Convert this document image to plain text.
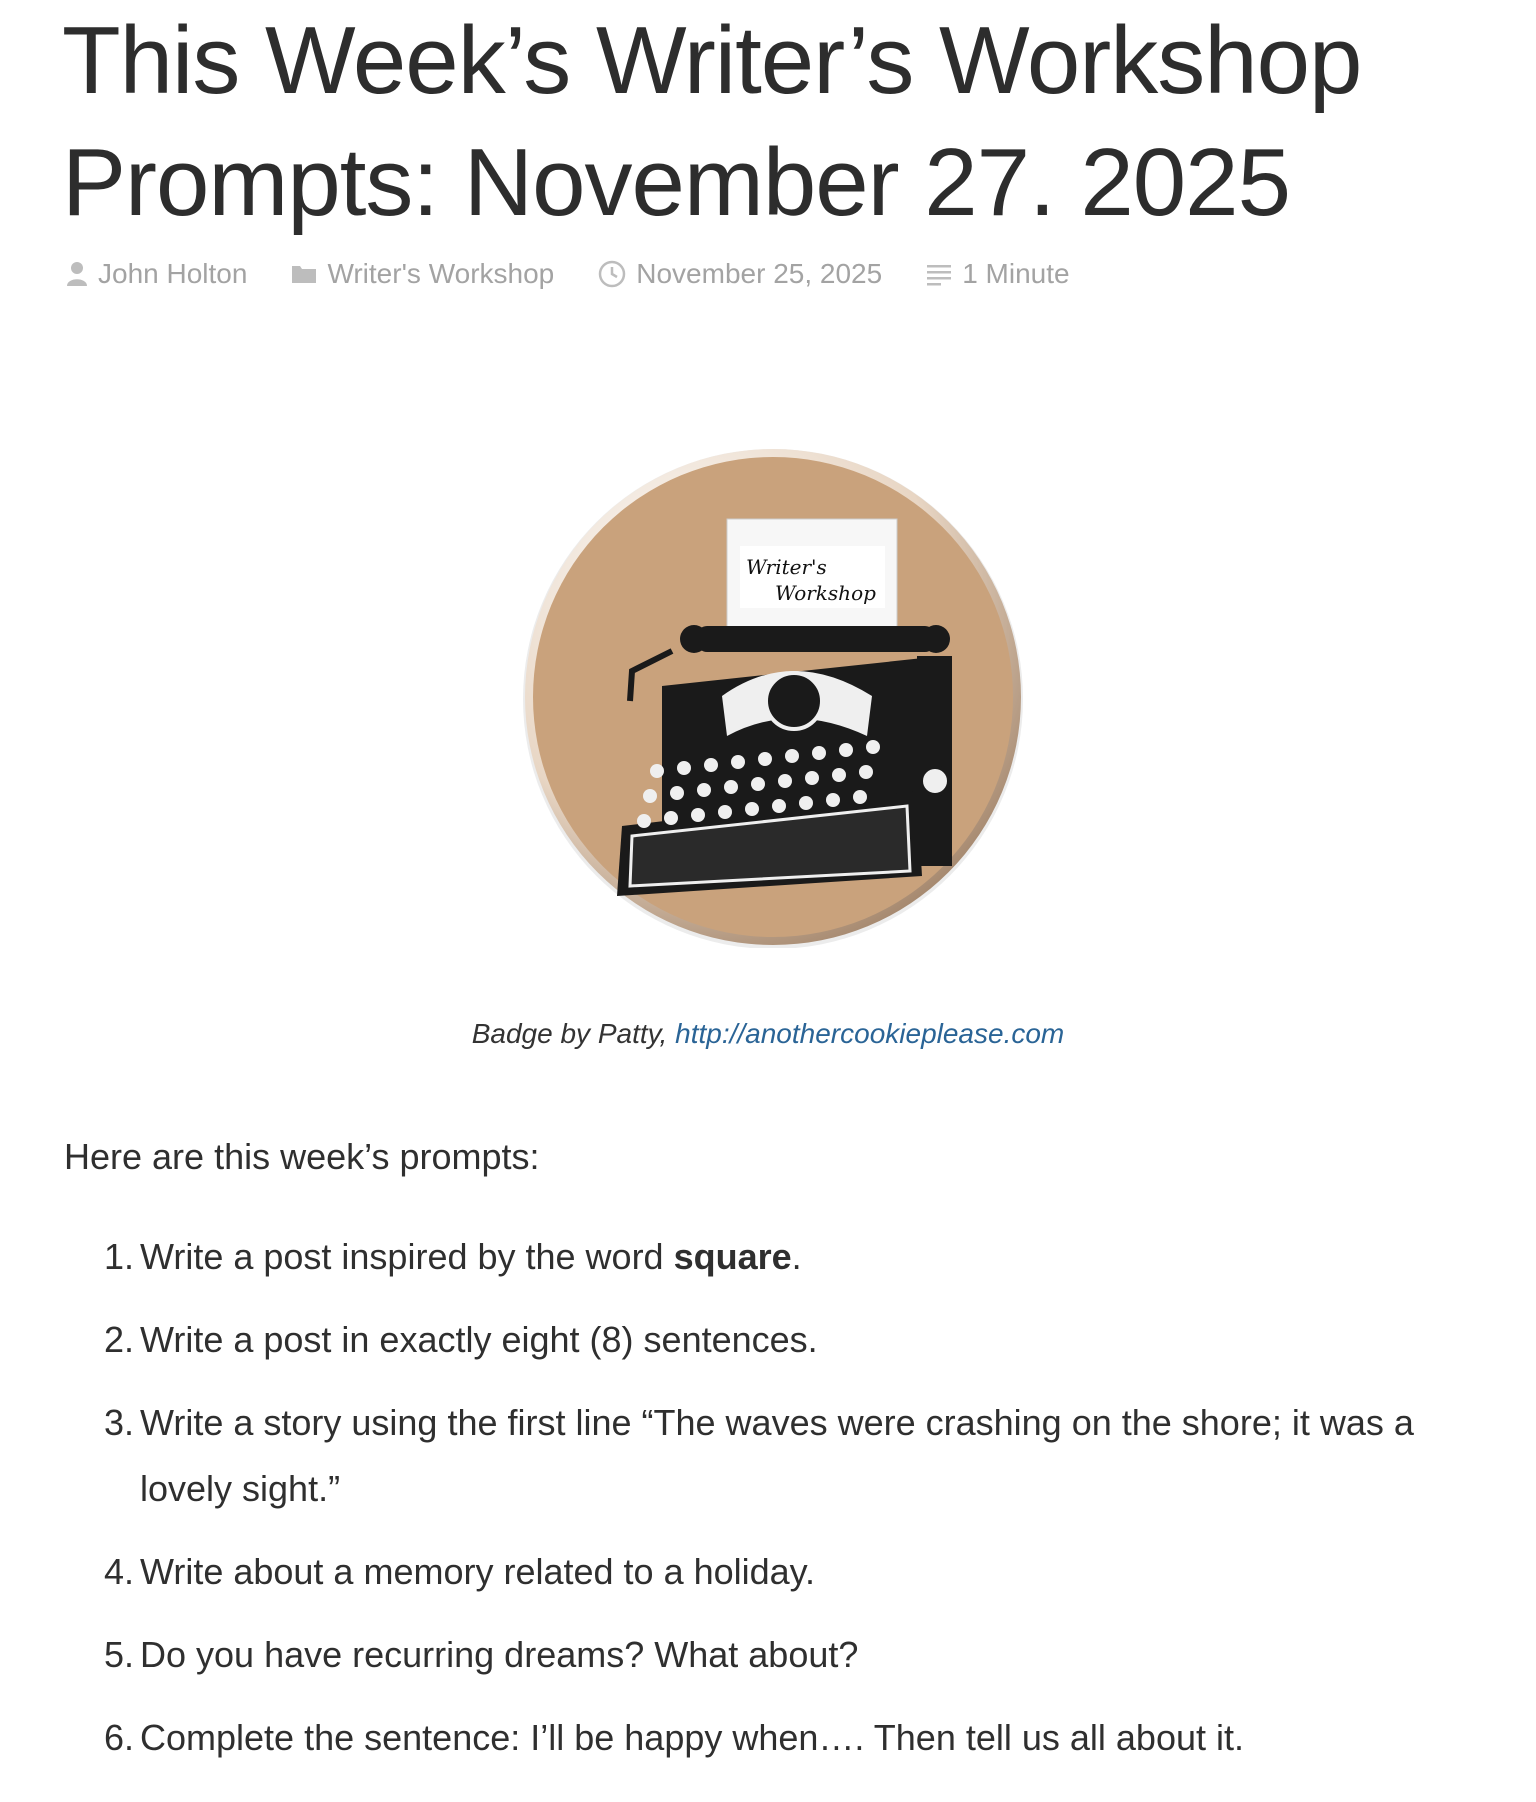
This Week’s Writer’s Workshop Prompts: November 27. 2025
John Holton	Writer's Workshop	November 25, 2025	1 Minute
Writer's
Workshop
Badge by Patty, http://anothercookieplease.com

Here are this week’s prompts:

1. Write a post inspired by the word square.
2. Write a post in exactly eight (8) sentences.
3. Write a story using the first line “The waves were crashing on the shore; it was a lovely sight.”
4. Write about a memory related to a holiday.
5. Do you have recurring dreams? What about?
6. Complete the sentence: I’ll be happy when…. Then tell us all about it.
